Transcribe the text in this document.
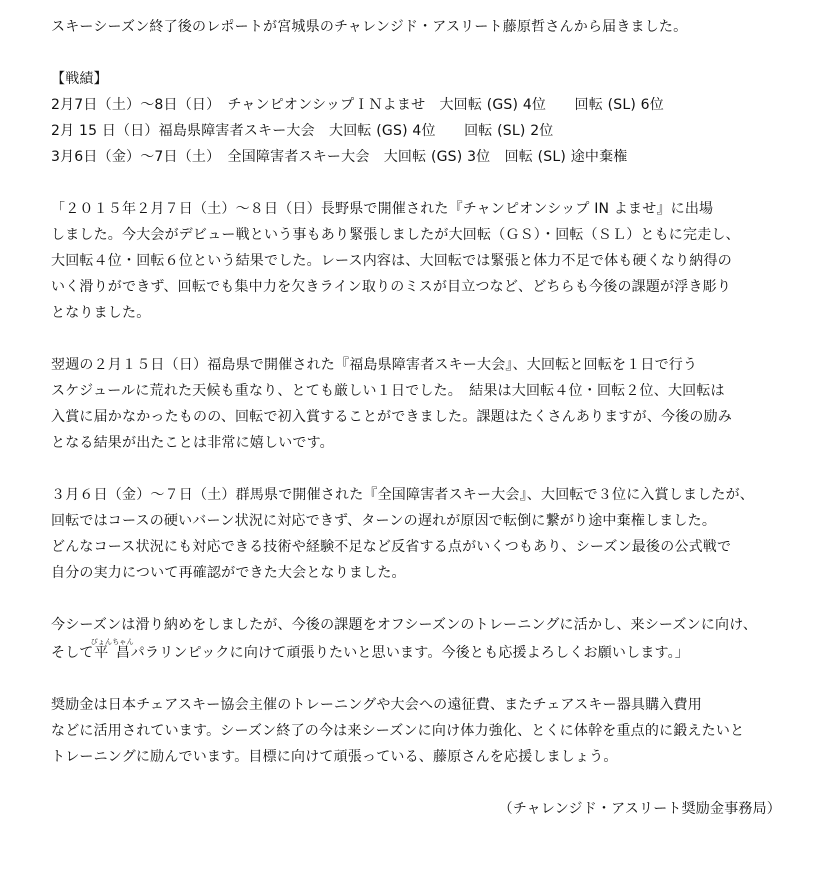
スキーシーズン終了後のレポートが宮城県のチャレンジド・アスリート藤原哲さんから届きました。

【戦績】
2月7日（土）～8日（日）　チャンピオンシップＩＮよませ　大回転 (GS) 4位　　回転 (SL) 6位
2月 15 日（日）福島県障害者スキー大会　大回転 (GS) 4位　　回転 (SL) 2位
3月6日（金）～7日（土）　全国障害者スキー大会　大回転 (GS) 3位　回転 (SL) 途中棄権

「２０１５年２月７日（土）～８日（日）長野県で開催された『チャンピオンシップ IN よませ』に出場
しました。今大会がデビュー戦という事もあり緊張しましたが大回転（ＧＳ）・回転（ＳＬ）ともに完走し、
大回転４位・回転６位という結果でした。レース内容は、大回転では緊張と体力不足で体も硬くなり納得の
いく滑りができず、回転でも集中力を欠きライン取りのミスが目立つなど、どちらも今後の課題が浮き彫り
となりました。

翌週の２月１５日（日）福島県で開催された『福島県障害者スキー大会』、大回転と回転を１日で行う
スケジュールに荒れた天候も重なり、とても厳しい１日でした。　結果は大回転４位・回転２位、大回転は
入賞に届かなかったものの、回転で初入賞することができました。課題はたくさんありますが、今後の励み
となる結果が出たことは非常に嬉しいです。

３月６日（金）～７日（土）群馬県で開催された『全国障害者スキー大会』、大回転で３位に入賞しましたが、
回転ではコースの硬いバーン状況に対応できず、ターンの遅れが原因で転倒に繋がり途中棄権しました。
どんなコース状況にも対応できる技術や経験不足など反省する点がいくつもあり、シーズン最後の公式戦で
自分の実力について再確認ができた大会となりました。

今シーズンは滑り納めをしましたが、今後の課題をオフシーズンのトレーニングに活かし、来シーズンに向け、
そして平昌ぴょんちゃんパラリンピックに向けて頑張りたいと思います。今後とも応援よろしくお願いします。」

奨励金は日本チェアスキー協会主催のトレーニングや大会への遠征費、またチェアスキー器具購入費用
などに活用されています。シーズン終了の今は来シーズンに向け体力強化、とくに体幹を重点的に鍛えたいと
トレーニングに励んでいます。目標に向けて頑張っている、藤原さんを応援しましょう。

（チャレンジド・アスリート奨励金事務局）
